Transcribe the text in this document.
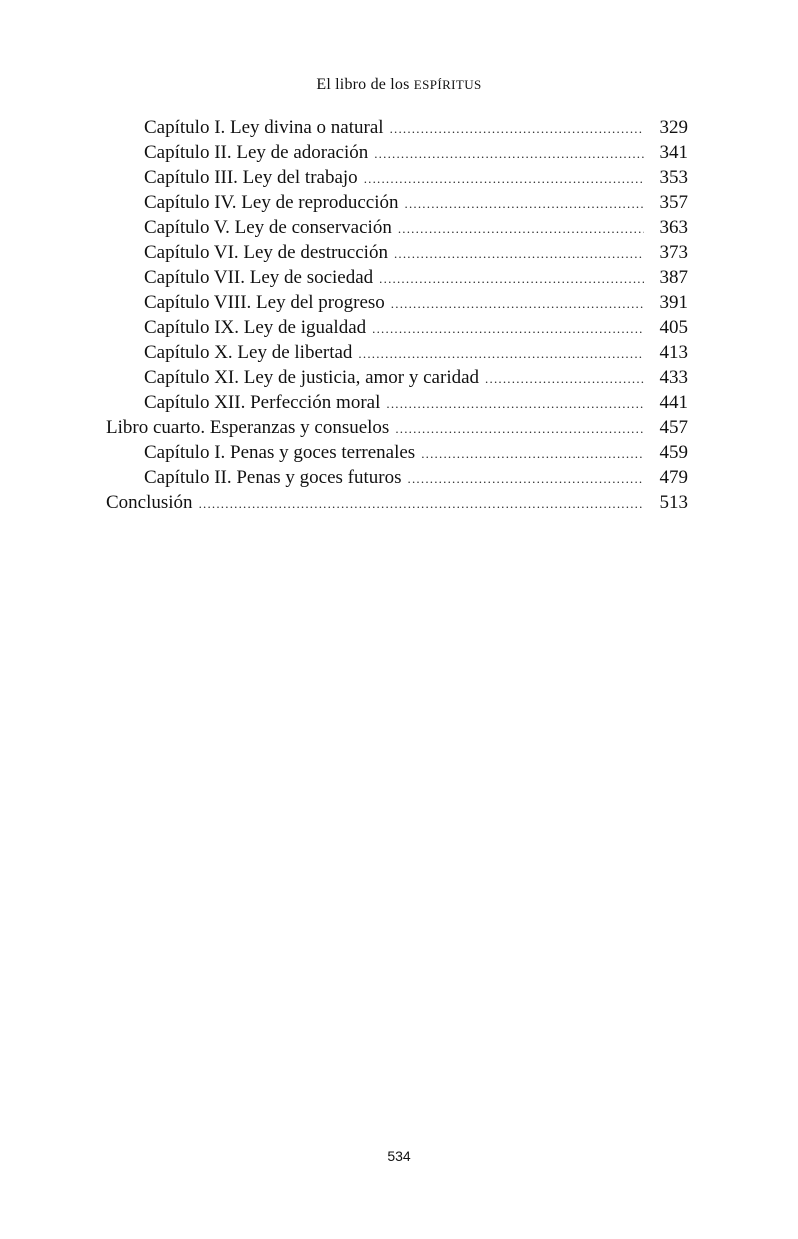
El libro de los ESPÍRITUS
Capítulo I. Ley divina o natural .....	329
Capítulo II. Ley de adoración .....	341
Capítulo III. Ley del trabajo .....	353
Capítulo IV. Ley de reproducción .....	357
Capítulo V. Ley de conservación .....	363
Capítulo VI. Ley de destrucción .....	373
Capítulo VII. Ley de sociedad .....	387
Capítulo VIII. Ley del progreso .....	391
Capítulo IX. Ley de igualdad .....	405
Capítulo X. Ley de libertad .....	413
Capítulo XI. Ley de justicia, amor y caridad .....	433
Capítulo XII. Perfección moral .....	441
Libro cuarto. Esperanzas y consuelos .....	457
Capítulo I. Penas y goces terrenales .....	459
Capítulo II. Penas y goces futuros .....	479
Conclusión .....	513
534
